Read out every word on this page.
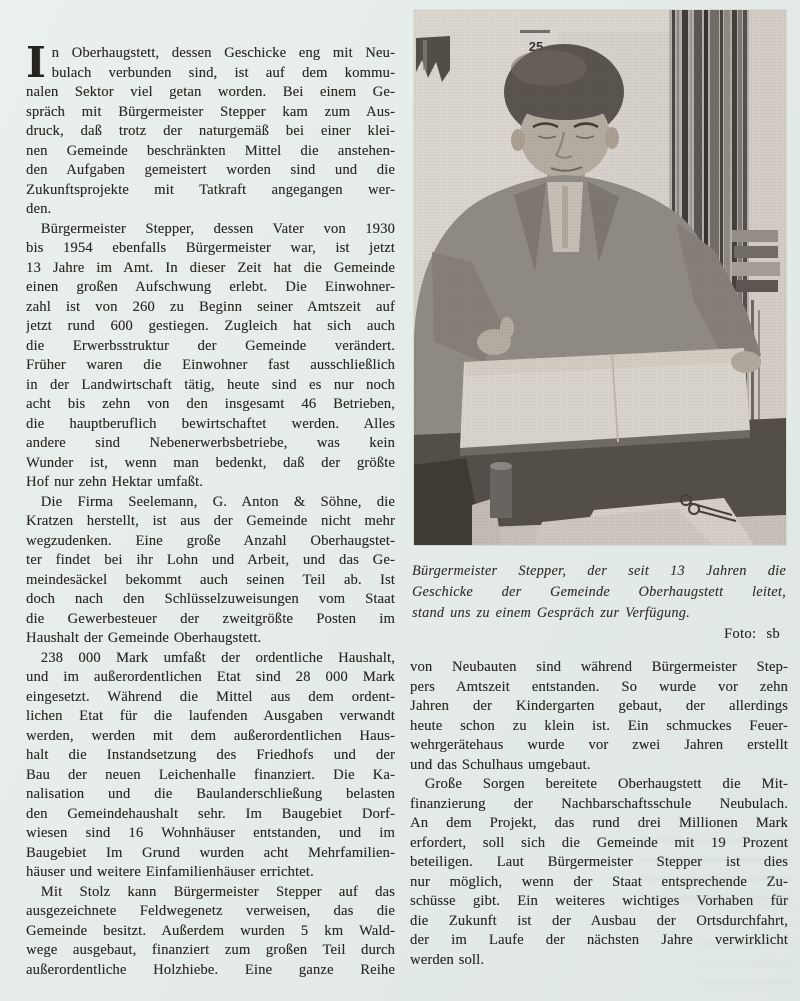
I n Oberhaugstett, dessen Geschicke eng mit Neu-
bulach verbunden sind, ist auf dem kommu-
nalen Sektor viel getan worden. Bei einem Ge-
spräch mit Bürgermeister Stepper kam zum Aus-
druck, daß trotz der naturgemäß bei einer klei-
nen Gemeinde beschränkten Mittel die anstehen-
den Aufgaben gemeistert worden sind und die
Zukunftsprojekte mit Tatkraft angegangen wer-
den.
 Bürgermeister Stepper, dessen Vater von 1930
bis 1954 ebenfalls Bürgermeister war, ist jetzt
13 Jahre im Amt. In dieser Zeit hat die Gemeinde
einen großen Aufschwung erlebt. Die Einwohner-
zahl ist von 260 zu Beginn seiner Amtszeit auf
jetzt rund 600 gestiegen. Zugleich hat sich auch
die Erwerbsstruktur der Gemeinde verändert.
Früher waren die Einwohner fast ausschließlich
in der Landwirtschaft tätig, heute sind es nur noch
acht bis zehn von den insgesamt 46 Betrieben,
die hauptberuflich bewirtschaftet werden. Alles
andere sind Nebenerwerbsbetriebe, was kein
Wunder ist, wenn man bedenkt, daß der größte
Hof nur zehn Hektar umfaßt.
 Die Firma Seelemann, G. Anton & Söhne, die
Kratzen herstellt, ist aus der Gemeinde nicht mehr
wegzudenken. Eine große Anzahl Oberhaugstet-
ter findet bei ihr Lohn und Arbeit, und das Ge-
meindesäckel bekommt auch seinen Teil ab. Ist
doch nach den Schlüsselzuweisungen vom Staat
die Gewerbesteuer der zweitgrößte Posten im
Haushalt der Gemeinde Oberhaugstett.
 238 000 Mark umfaßt der ordentliche Haushalt,
und im außerordentlichen Etat sind 28 000 Mark
eingesetzt. Während die Mittel aus dem ordent-
lichen Etat für die laufenden Ausgaben verwandt
werden, werden mit dem außerordentlichen Haus-
halt die Instandsetzung des Friedhofs und der
Bau der neuen Leichenhalle finanziert. Die Ka-
nalisation und die Baulanderschließung belasten
den Gemeindehaushalt sehr. Im Baugebiet Dorf-
wiesen sind 16 Wohnhäuser entstanden, und im
Baugebiet Im Grund wurden acht Mehrfamilien-
häuser und weitere Einfamilienhäuser errichtet.
 Mit Stolz kann Bürgermeister Stepper auf das
ausgezeichnete Feldwegenetz verweisen, das die
Gemeinde besitzt. Außerdem wurden 5 km Wald-
wege ausgebaut, finanziert zum großen Teil durch
außerordentliche Holzhiebe. Eine ganze Reihe
Bürgermeister Stepper, der seit 13 Jahren die
Geschicke der Gemeinde Oberhaugstett leitet,
stand uns zu einem Gespräch zur Verfügung.
Foto: sb
von Neubauten sind während Bürgermeister Step-
pers Amtszeit entstanden. So wurde vor zehn
Jahren der Kindergarten gebaut, der allerdings
heute schon zu klein ist. Ein schmuckes Feuer-
wehrgerätehaus wurde vor zwei Jahren erstellt
und das Schulhaus umgebaut.
 Große Sorgen bereitete Oberhaugstett die Mit-
finanzierung der Nachbarschaftsschule Neubulach.
An dem Projekt, das rund drei Millionen Mark
erfordert, soll sich die Gemeinde mit 19 Prozent
beteiligen. Laut Bürgermeister Stepper ist dies
nur möglich, wenn der Staat entsprechende Zu-
schüsse gibt. Ein weiteres wichtiges Vorhaben für
die Zukunft ist der Ausbau der Ortsdurchfahrt,
der im Laufe der nächsten Jahre verwirklicht
werden soll.
